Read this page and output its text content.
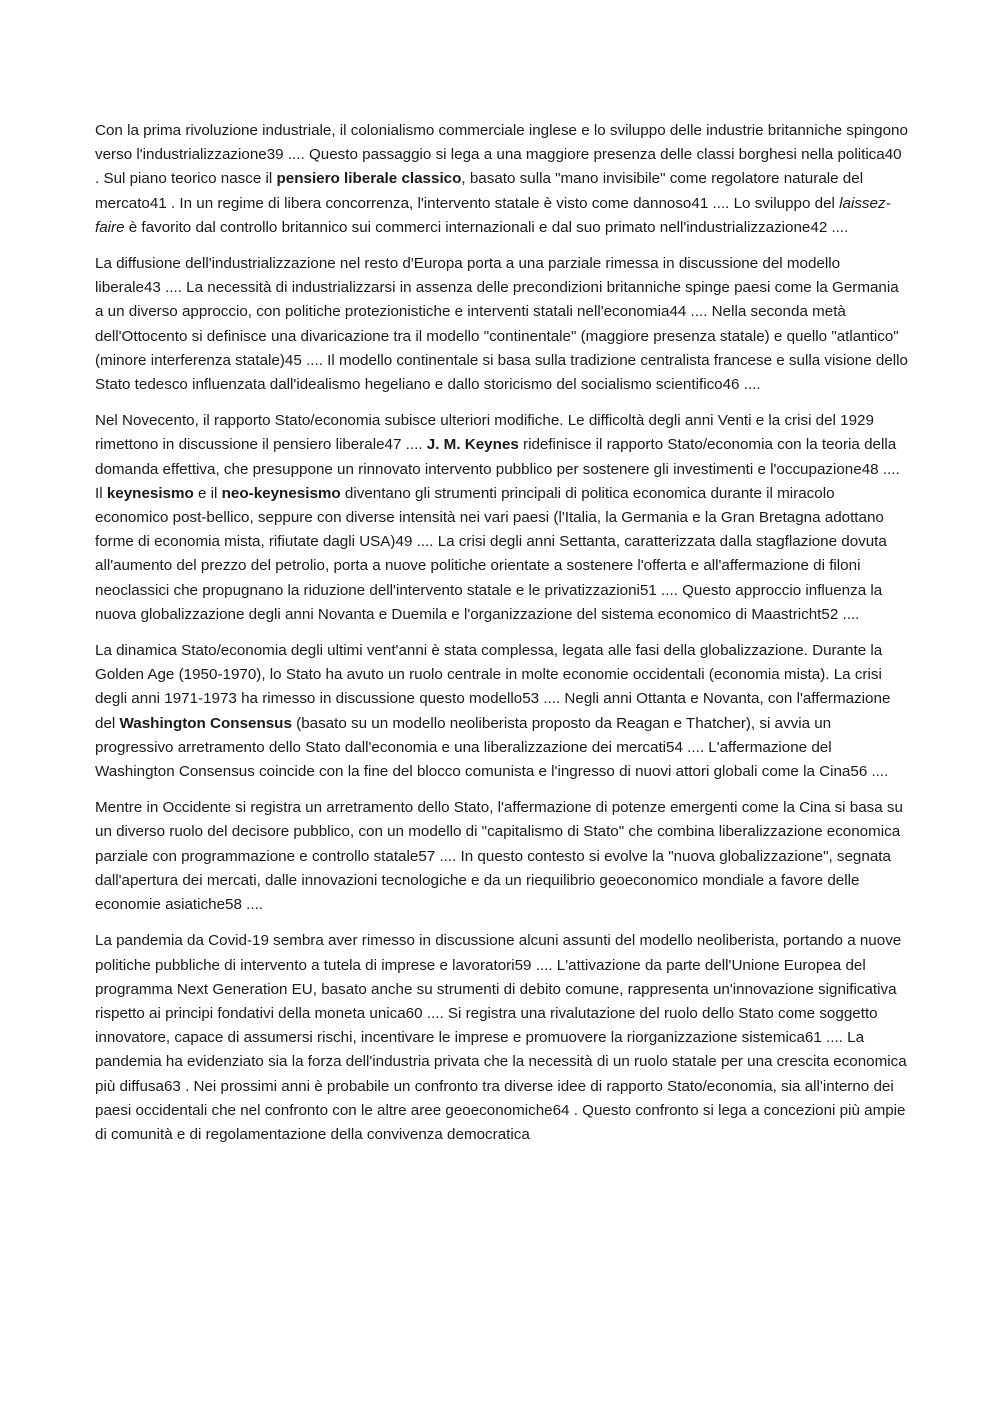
Con la prima rivoluzione industriale, il colonialismo commerciale inglese e lo sviluppo delle industrie britanniche spingono verso l'industrializzazione39 .... Questo passaggio si lega a una maggiore presenza delle classi borghesi nella politica40 . Sul piano teorico nasce il pensiero liberale classico, basato sulla "mano invisibile" come regolatore naturale del mercato41 . In un regime di libera concorrenza, l'intervento statale è visto come dannoso41 .... Lo sviluppo del laissez-faire è favorito dal controllo britannico sui commerci internazionali e dal suo primato nell'industrializzazione42 ....

La diffusione dell'industrializzazione nel resto d'Europa porta a una parziale rimessa in discussione del modello liberale43 .... La necessità di industrializzarsi in assenza delle precondizioni britanniche spinge paesi come la Germania a un diverso approccio, con politiche protezionistiche e interventi statali nell'economia44 .... Nella seconda metà dell'Ottocento si definisce una divaricazione tra il modello "continentale" (maggiore presenza statale) e quello "atlantico" (minore interferenza statale)45 .... Il modello continentale si basa sulla tradizione centralista francese e sulla visione dello Stato tedesco influenzata dall'idealismo hegeliano e dallo storicismo del socialismo scientifico46 ....

Nel Novecento, il rapporto Stato/economia subisce ulteriori modifiche. Le difficoltà degli anni Venti e la crisi del 1929 rimettono in discussione il pensiero liberale47 .... J. M. Keynes ridefinisce il rapporto Stato/economia con la teoria della domanda effettiva, che presuppone un rinnovato intervento pubblico per sostenere gli investimenti e l'occupazione48 .... Il keynesismo e il neo-keynesismo diventano gli strumenti principali di politica economica durante il miracolo economico post-bellico, seppure con diverse intensità nei vari paesi (l'Italia, la Germania e la Gran Bretagna adottano forme di economia mista, rifiutate dagli USA)49 .... La crisi degli anni Settanta, caratterizzata dalla stagflazione dovuta all'aumento del prezzo del petrolio, porta a nuove politiche orientate a sostenere l'offerta e all'affermazione di filoni neoclassici che propugnano la riduzione dell'intervento statale e le privatizzazioni51 .... Questo approccio influenza la nuova globalizzazione degli anni Novanta e Duemila e l'organizzazione del sistema economico di Maastricht52 ....

La dinamica Stato/economia degli ultimi vent'anni è stata complessa, legata alle fasi della globalizzazione. Durante la Golden Age (1950-1970), lo Stato ha avuto un ruolo centrale in molte economie occidentali (economia mista). La crisi degli anni 1971-1973 ha rimesso in discussione questo modello53 .... Negli anni Ottanta e Novanta, con l'affermazione del Washington Consensus (basato su un modello neoliberista proposto da Reagan e Thatcher), si avvia un progressivo arretramento dello Stato dall'economia e una liberalizzazione dei mercati54 .... L'affermazione del Washington Consensus coincide con la fine del blocco comunista e l'ingresso di nuovi attori globali come la Cina56 ....

Mentre in Occidente si registra un arretramento dello Stato, l'affermazione di potenze emergenti come la Cina si basa su un diverso ruolo del decisore pubblico, con un modello di "capitalismo di Stato" che combina liberalizzazione economica parziale con programmazione e controllo statale57 .... In questo contesto si evolve la "nuova globalizzazione", segnata dall'apertura dei mercati, dalle innovazioni tecnologiche e da un riequilibrio geoeconomico mondiale a favore delle economie asiatiche58 ....

La pandemia da Covid-19 sembra aver rimesso in discussione alcuni assunti del modello neoliberista, portando a nuove politiche pubbliche di intervento a tutela di imprese e lavoratori59 .... L'attivazione da parte dell'Unione Europea del programma Next Generation EU, basato anche su strumenti di debito comune, rappresenta un'innovazione significativa rispetto ai principi fondativi della moneta unica60 .... Si registra una rivalutazione del ruolo dello Stato come soggetto innovatore, capace di assumersi rischi, incentivare le imprese e promuovere la riorganizzazione sistemica61 .... La pandemia ha evidenziato sia la forza dell'industria privata che la necessità di un ruolo statale per una crescita economica più diffusa63 . Nei prossimi anni è probabile un confronto tra diverse idee di rapporto Stato/economia, sia all'interno dei paesi occidentali che nel confronto con le altre aree geoeconomiche64 . Questo confronto si lega a concezioni più ampie di comunità e di regolamentazione della convivenza democratica
